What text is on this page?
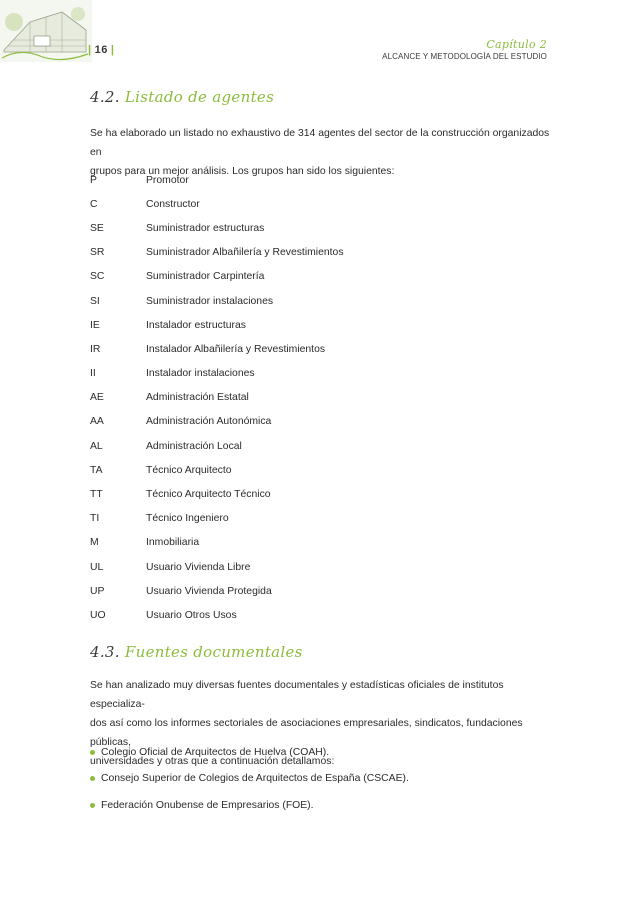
| 16 |	Capítulo 2
ALCANCE Y METODOLOGÍA DEL ESTUDIO
4.2. Listado de agentes

Se ha elaborado un listado no exhaustivo de 314 agentes del sector de la construcción organizados en
grupos para un mejor análisis. Los grupos han sido los siguientes:

P	Promotor
C	Constructor
SE	Suministrador estructuras
SR	Suministrador Albañilería y Revestimientos
SC	Suministrador Carpintería
SI	Suministrador instalaciones
IE	Instalador estructuras
IR	Instalador Albañilería y Revestimientos
II	Instalador instalaciones
AE	Administración Estatal
AA	Administración Autonómica
AL	Administración Local
TA	Técnico Arquitecto
TT	Técnico Arquitecto Técnico
TI	Técnico Ingeniero
M	Inmobiliaria
UL	Usuario Vivienda Libre
UP	Usuario Vivienda Protegida
UO	Usuario Otros Usos
4.3. Fuentes documentales

Se han analizado muy diversas fuentes documentales y estadísticas oficiales de institutos especializa-
dos así como los informes sectoriales de asociaciones empresariales, sindicatos, fundaciones públicas,
universidades y otras que a continuación detallamos:

Colegio Oficial de Arquitectos de Huelva (COAH).
Consejo Superior de Colegios de Arquitectos de España (CSCAE).
Federación Onubense de Empresarios (FOE).
